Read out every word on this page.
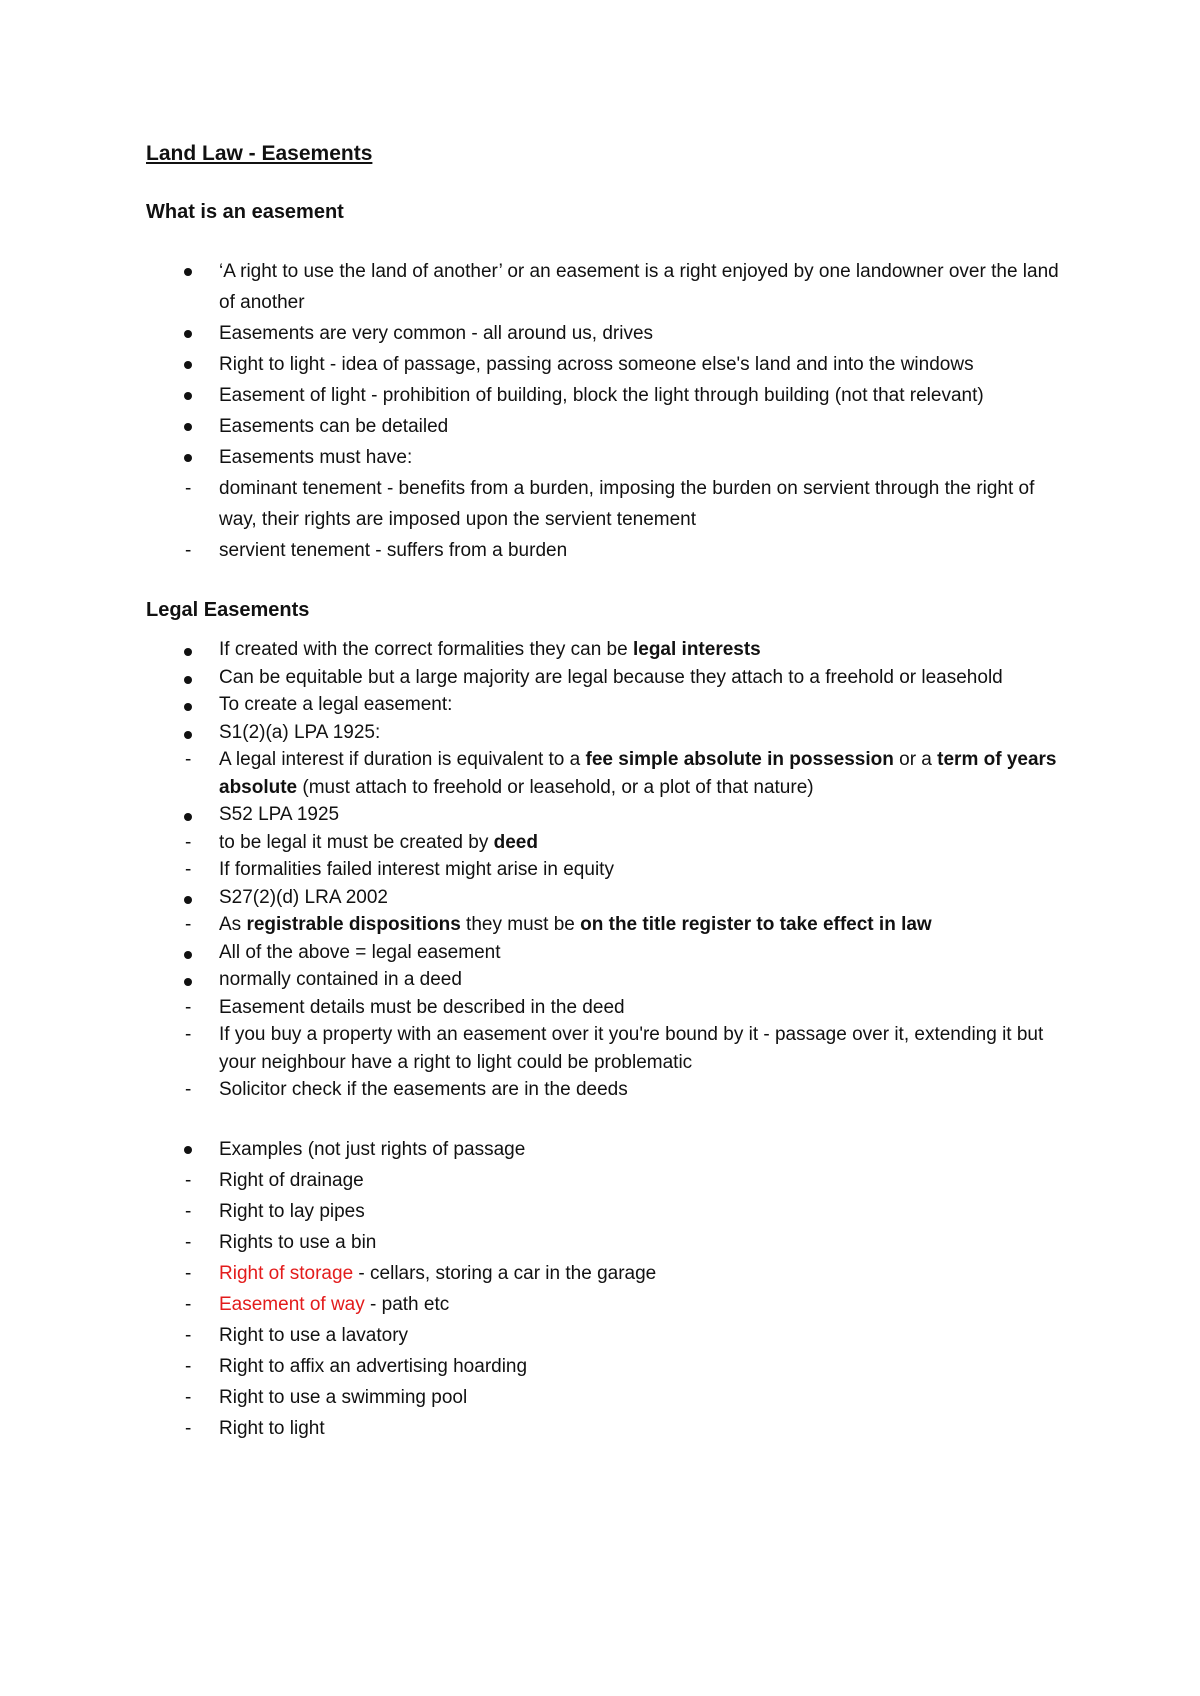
Land Law - Easements

What is an easement

‘A right to use the land of another’ or an easement is a right enjoyed by one landowner over the land of another
Easements are very common - all around us, drives
Right to light - idea of passage, passing across someone else's land and into the windows
Easement of light - prohibition of building, block the light through building (not that relevant)
Easements can be detailed
Easements must have:
- dominant tenement - benefits from a burden, imposing the burden on servient through the right of way, their rights are imposed upon the servient tenement
- servient tenement - suffers from a burden

Legal Easements

If created with the correct formalities they can be legal interests
Can be equitable but a large majority are legal because they attach to a freehold or leasehold
To create a legal easement:
S1(2)(a) LPA 1925:
- A legal interest if duration is equivalent to a fee simple absolute in possession or a term of years absolute (must attach to freehold or leasehold, or a plot of that nature)
S52 LPA 1925
- to be legal it must be created by deed
- If formalities failed interest might arise in equity
S27(2)(d) LRA 2002
- As registrable dispositions they must be on the title register to take effect in law
All of the above = legal easement
normally contained in a deed
- Easement details must be described in the deed
- If you buy a property with an easement over it you're bound by it - passage over it, extending it but your neighbour have a right to light could be problematic
- Solicitor check if the easements are in the deeds
Examples (not just rights of passage
- Right of drainage
- Right to lay pipes
- Rights to use a bin
- Right of storage - cellars, storing a car in the garage
- Easement of way - path etc
- Right to use a lavatory
- Right to affix an advertising hoarding
- Right to use a swimming pool
- Right to light
